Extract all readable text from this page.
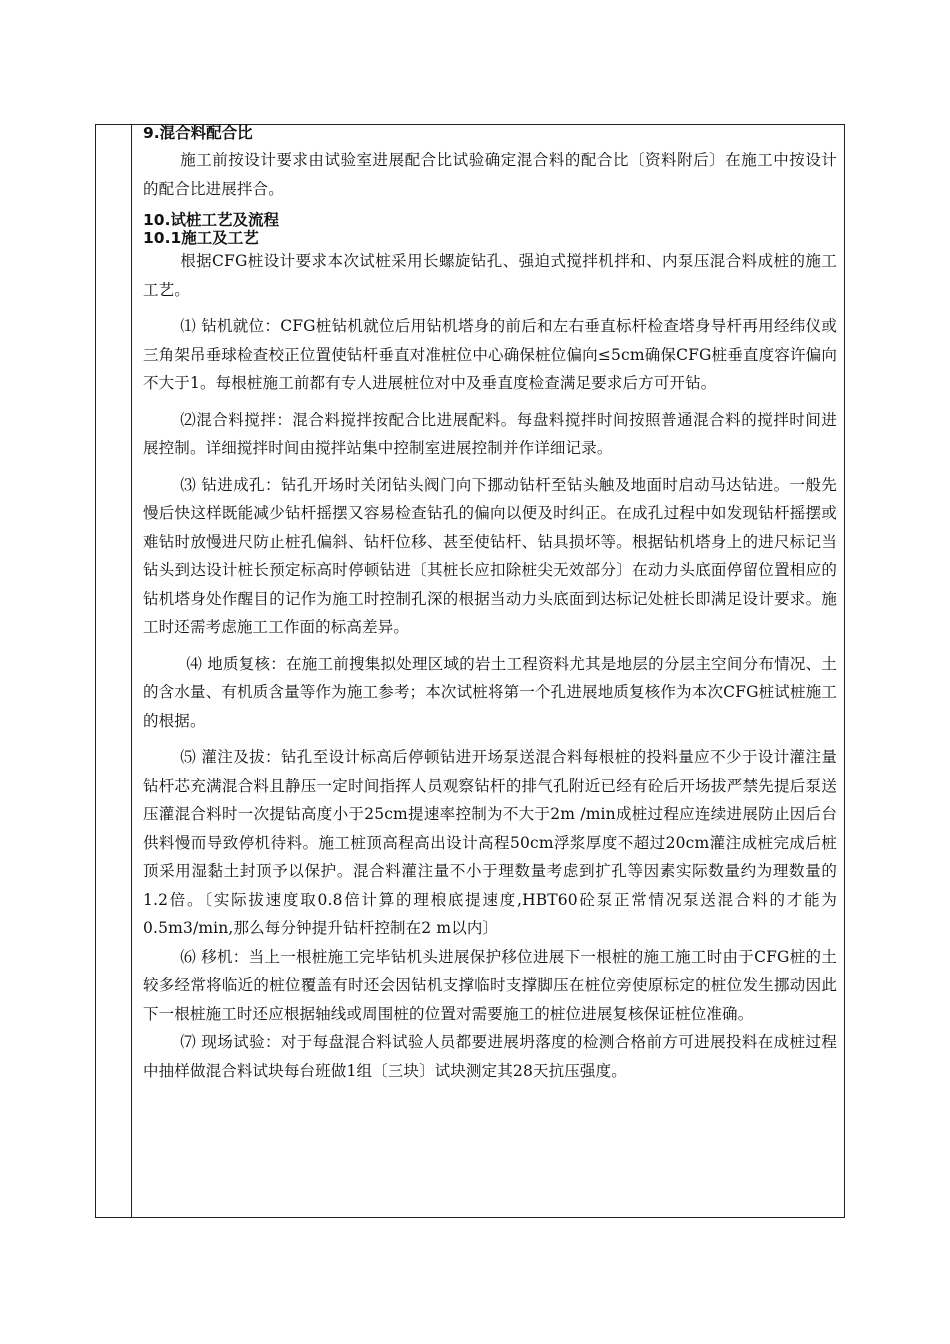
9.混合料配合比

施工前按设计要求由试验室进展配合比试验确定混合料的配合比〔资料附后〕在施工中按设计的配合比进展拌合。

10.试桩工艺及流程

10.1施工及工艺

根据CFG桩设计要求本次试桩采用长螺旋钻孔、强迫式搅拌机拌和、内泵压混合料成桩的施工工艺。

⑴ 钻机就位：CFG桩钻机就位后用钻机塔身的前后和左右垂直标杆检查塔身导杆再用经纬仪或三角架吊垂球检查校正位置使钻杆垂直对准桩位中心确保桩位偏向≤5cm确保CFG桩垂直度容许偏向不大于1。每根桩施工前都有专人进展桩位对中及垂直度检查满足要求后方可开钻。

⑵混合料搅拌：混合料搅拌按配合比进展配料。每盘料搅拌时间按照普通混合料的搅拌时间进展控制。详细搅拌时间由搅拌站集中控制室进展控制并作详细记录。

⑶ 钻进成孔：钻孔开场时关闭钻头阀门向下挪动钻杆至钻头触及地面时启动马达钻进。一般先慢后快这样既能减少钻杆摇摆又容易检查钻孔的偏向以便及时纠正。在成孔过程中如发现钻杆摇摆或难钻时放慢进尺防止桩孔偏斜、钻杆位移、甚至使钻杆、钻具损坏等。根据钻机塔身上的进尺标记当钻头到达设计桩长预定标高时停顿钻进〔其桩长应扣除桩尖无效部分〕在动力头底面停留位置相应的钻机塔身处作醒目的记作为施工时控制孔深的根据当动力头底面到达标记处桩长即满足设计要求。施工时还需考虑施工工作面的标高差异。

⑷ 地质复核：在施工前搜集拟处理区域的岩土工程资料尤其是地层的分层主空间分布情况、土的含水量、有机质含量等作为施工参考；本次试桩将第一个孔进展地质复核作为本次CFG桩试桩施工的根据。

⑸ 灌注及拔：钻孔至设计标高后停顿钻进开场泵送混合料每根桩的投料量应不少于设计灌注量钻杆芯充满混合料且静压一定时间指挥人员观察钻杆的排气孔附近已经有砼后开场拔严禁先提后泵送压灌混合料时一次提钻高度小于25cm提速率控制为不大于2m /min成桩过程应连续进展防止因后台供料慢而导致停机待料。施工桩顶高程高出设计高程50cm浮浆厚度不超过20cm灌注成桩完成后桩顶采用湿黏土封顶予以保护。混合料灌注量不小于理数量考虑到扩孔等因素实际数量约为理数量的1.2倍。〔实际拔速度取0.8倍计算的理桹底提速度,HBT60砼泵正常情况泵送混合料的才能为0.5m3/min,那么每分钟提升钻杆控制在2 m以内〕

⑹ 移机：当上一根桩施工完毕钻机头进展保护移位进展下一根桩的施工施工时由于CFG桩的土较多经常将临近的桩位覆盖有时还会因钻机支撑临时支撑脚压在桩位旁使原标定的桩位发生挪动因此下一根桩施工时还应根据轴线或周围桩的位置对需要施工的桩位进展复核保证桩位准确。

⑺ 现场试验：对于每盘混合料试验人员都要进展坍落度的检测合格前方可进展投料在成桩过程中抽样做混合料试块每台班做1组〔三块〕试块测定其28天抗压强度。
